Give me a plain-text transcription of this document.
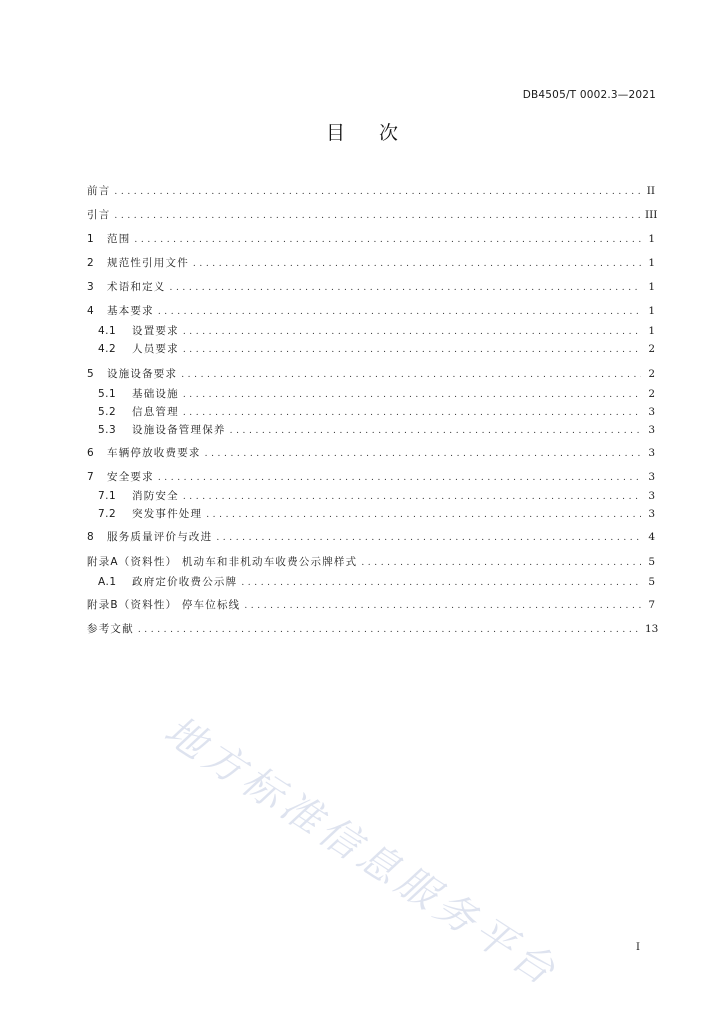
DB4505/T 0002.3—2021
目次
前言 .....	II
引言 .....	III
1	范围 .....	1
2	规范性引用文件 .....	1
3	术语和定义 .....	1
4	基本要求 .....	1
4.1	设置要求 .....	1
4.2	人员要求 .....	2
5	设施设备要求 .....	2
5.1	基础设施 .....	2
5.2	信息管理 .....	3
5.3	设施设备管理保养 .....	3
6	车辆停放收费要求 .....	3
7	安全要求 .....	3
7.1	消防安全 .....	3
7.2	突发事件处理 .....	3
8	服务质量评价与改进 .....	4
附录A（资料性） 机动车和非机动车收费公示牌样式 .....	5
A.1	政府定价收费公示牌 .....	5
附录B（资料性） 停车位标线 .....	7
参考文献 .....	13
地方标准信息服务平台	I
